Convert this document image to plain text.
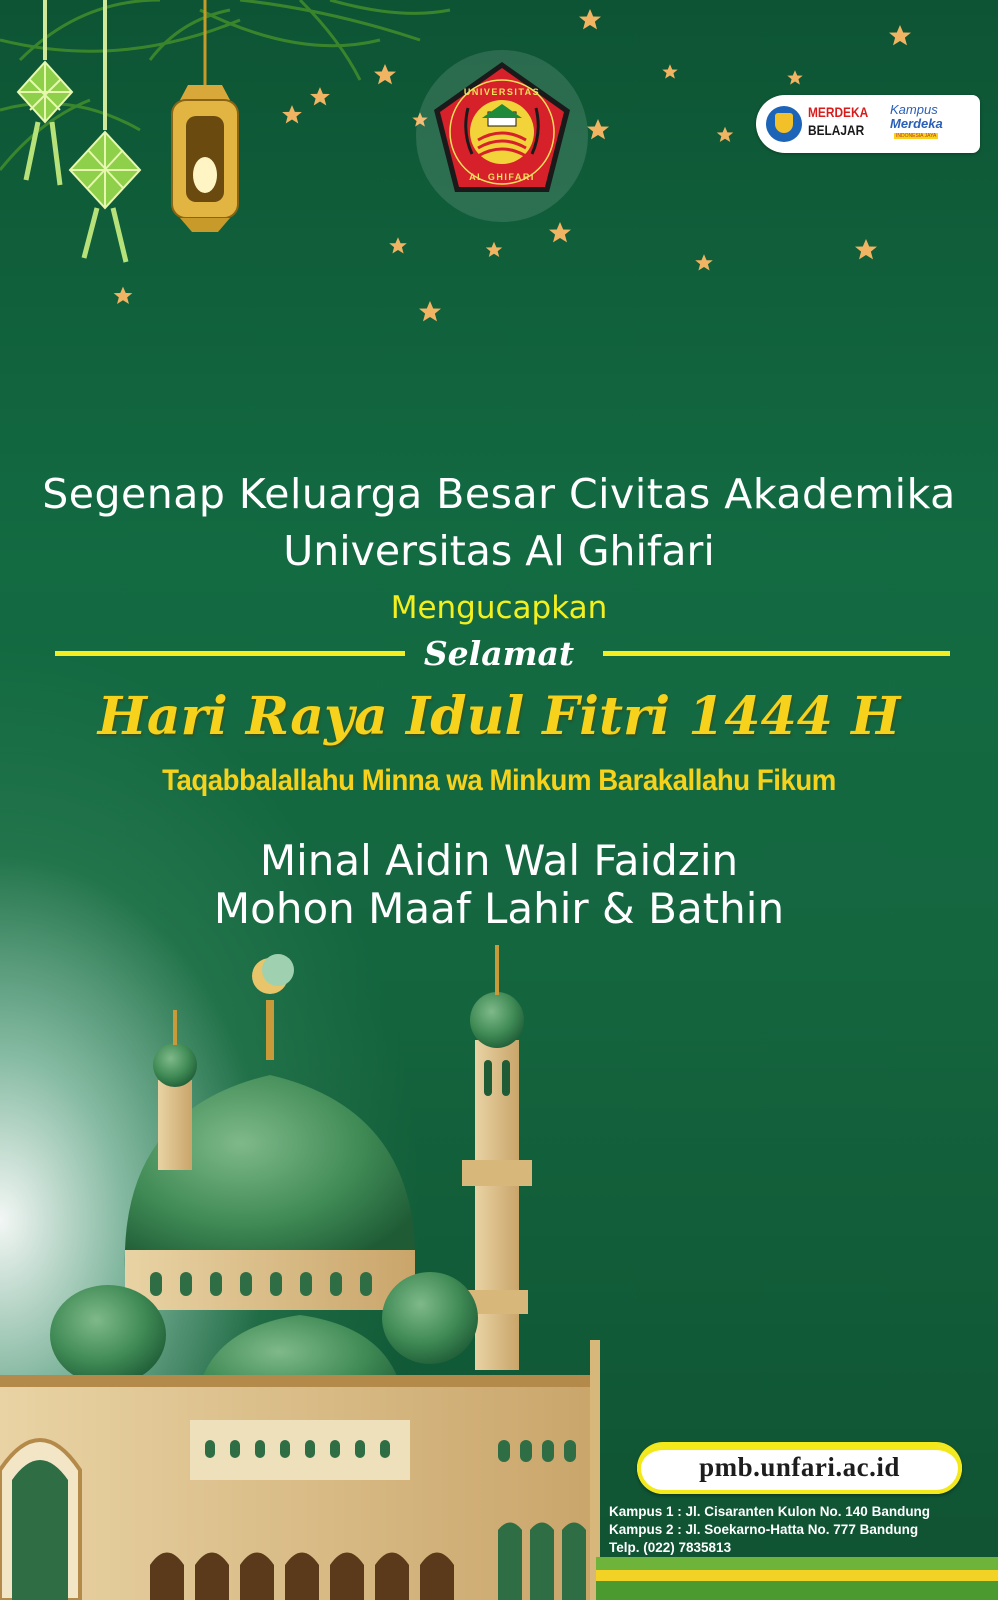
UNIVERSITAS
AL GHIFARI
MERDEKA
BELAJAR
Kampus
Merdeka
INDONESIA JAYA
Segenap Keluarga Besar Civitas Akademika
Universitas Al Ghifari
Mengucapkan
Selamat
Hari Raya Idul Fitri 1444 H
Taqabbalallahu Minna wa Minkum Barakallahu Fikum
Minal Aidin Wal Faidzin
Mohon Maaf Lahir & Bathin
pmb.unfari.ac.id
Kampus 1 : Jl. Cisaranten Kulon No. 140 Bandung
Kampus 2 : Jl. Soekarno-Hatta No. 777 Bandung
Telp. (022) 7835813
